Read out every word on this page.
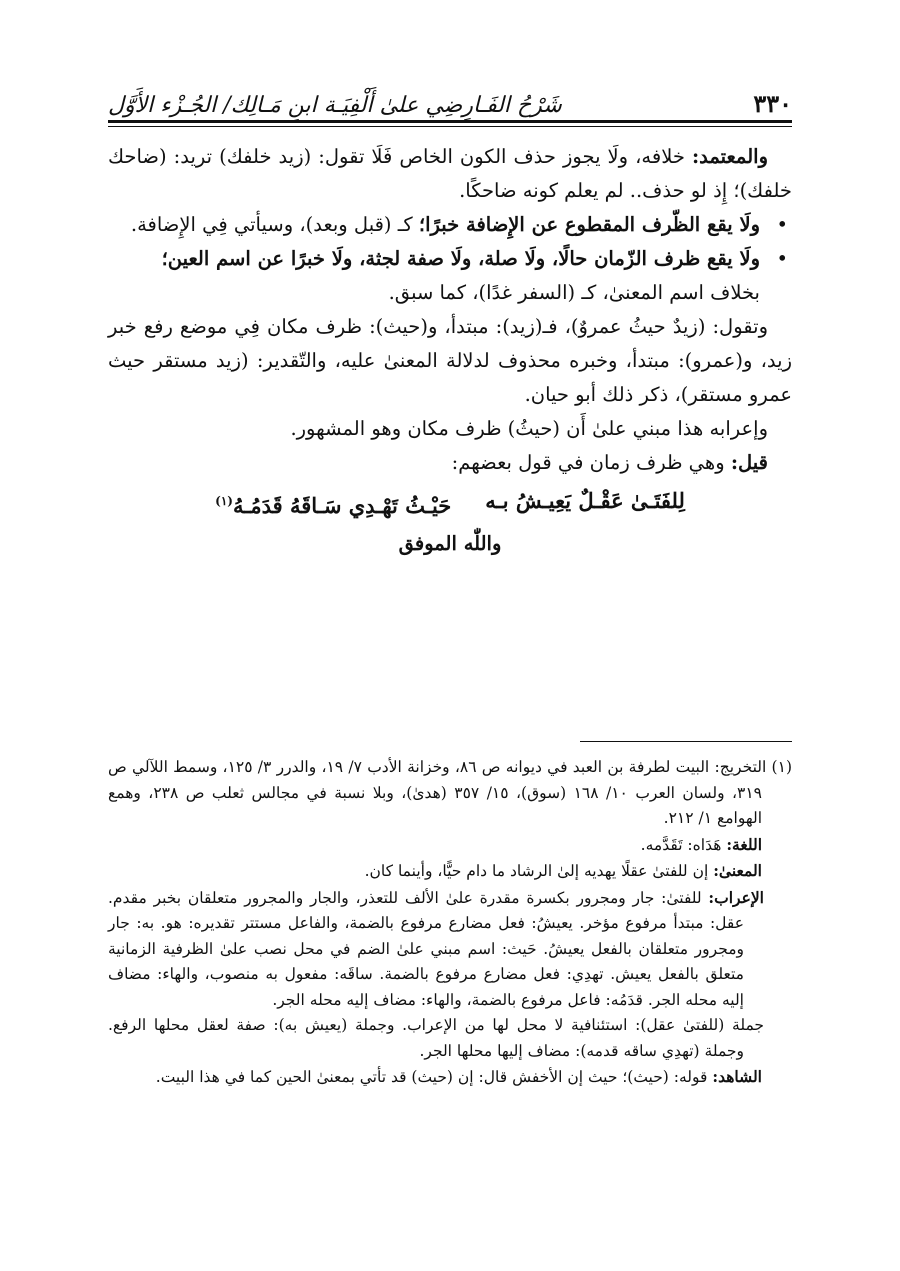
٣٣٠
شَرْحُ الفَـارِضِي علىٰ أَلْفِيَـة ابنِ مَـالِك/ الجُـزْء الأَوَّل

والمعتمد: خلافه، ولَا يجوز حذف الكون الخاص فَلَا تقول: (زيد خلفك) تريد: (ضاحك خلفك)؛ إِذ لو حذف.. لم يعلم كونه ضاحكًا.

•
ولَا يقع الظّرف المقطوع عن الإِضافة خبرًا؛ كـ (قبل وبعد)، وسيأتي فِي الإِضافة.

•
ولَا يقع ظرف الزّمان حالًا، ولَا صلة، ولَا صفة لجثة، ولَا خبرًا عن اسم العين؛ بخلاف اسم المعنىٰ، كـ (السفر غدًا)، كما سبق.

وتقول: (زيدٌ حيثُ عمروٌ)، فـ(زيد): مبتدأ، و(حيث): ظرف مكان فِي موضع رفع خبر زيد، و(عمرو): مبتدأ، وخبره محذوف لدلالة المعنىٰ عليه، والتّقدير: (زيد مستقر حيث عمرو مستقر)، ذكر ذلك أبو حيان.

وإعرابه هذا مبني علىٰ أَن (حيثُ) ظرف مكان وهو المشهور.

قيل: وهي ظرف زمان في قول بعضهم:

لِلفَتَـىٰ عَقْـلٌ يَعِيـشُ بـه
حَيْـثُ تَهْـدِي سَـاقَهُ قَدَمُـهُ$^{(١)}$
واللّٰه الموفق

(١) التخريج: البيت لطرفة بن العبد في ديوانه ص ٨٦، وخزانة الأدب ٧/ ١٩، والدرر ٣/ ١٢٥، وسمط اللآلي ص ٣١٩، ولسان العرب ١٠/ ١٦٨ (سوق)، ١٥/ ٣٥٧ (هدىٰ)، وبلا نسبة في مجالس ثعلب ص ٢٣٨، وهمع الهوامع ١/ ٢١٢.

اللغة: هَدَاه: تَقَدَّمه.

المعنىٰ: إن للفتىٰ عقلًا يهديه إلىٰ الرشاد ما دام حيًّا، وأينما كان.

الإعراب: للفتىٰ: جار ومجرور بكسرة مقدرة علىٰ الألف للتعذر، والجار والمجرور متعلقان بخبر مقدم. عقل: مبتدأ مرفوع مؤخر. يعيشُ: فعل مضارع مرفوع بالضمة، والفاعل مستتر تقديره: هو. به: جار ومجرور متعلقان بالفعل يعيشُ. حَيث: اسم مبني علىٰ الضم في محل نصب علىٰ الظرفية الزمانية متعلق بالفعل يعيش. تهدِي: فعل مضارع مرفوع بالضمة. ساقَه: مفعول به منصوب، والهاء: مضاف إليه محله الجر. قدَمُه: فاعل مرفوع بالضمة، والهاء: مضاف إليه محله الجر.

جملة (للفتىٰ عقل): استئنافية لا محل لها من الإعراب. وجملة (يعيش به): صفة لعقل محلها الرفع. وجملة (تهدِي ساقه قدمه): مضاف إليها محلها الجر.

الشاهد: قوله: (حيث)؛ حيث إن الأخفش قال: إن (حيث) قد تأتي بمعنىٰ الحين كما في هذا البيت.
